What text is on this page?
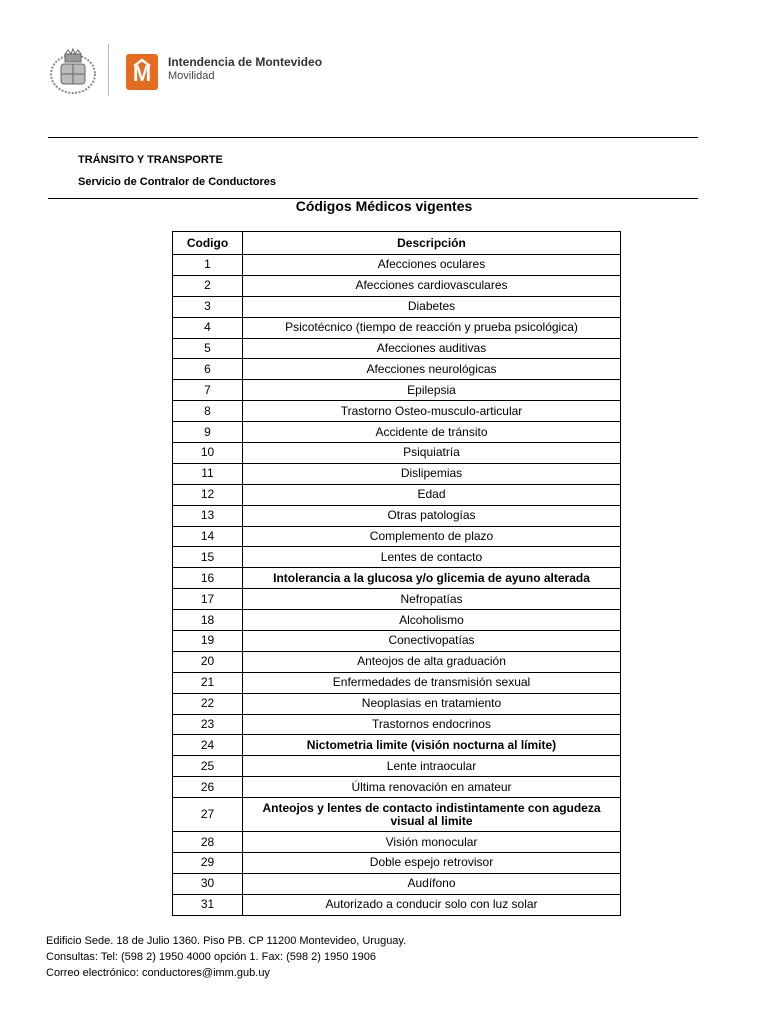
M	Intendencia de Montevideo
Movilidad
TRÁNSITO Y TRANSPORTE
Servicio de Contralor de Conductores
Códigos Médicos vigentes
Codigo	Descripción
1	Afecciones oculares
2	Afecciones cardiovasculares
3	Diabetes
4	Psicotécnico (tiempo de reacción y prueba psicológica)
5	Afecciones auditivas
6	Afecciones neurológicas
7	Epilepsia
8	Trastorno Osteo-musculo-articular
9	Accidente de tránsito
10	Psiquiatría
11	Dislipemias
12	Edad
13	Otras patologías
14	Complemento de plazo
15	Lentes de contacto
16	Intolerancia a la glucosa y/o glicemia de ayuno alterada
17	Nefropatías
18	Alcoholismo
19	Conectivopatías
20	Anteojos de alta graduación
21	Enfermedades de transmisión sexual
22	Neoplasias en tratamiento
23	Trastornos endocrinos
24	Nictometria limite (visión nocturna al límite)
25	Lente intraocular
26	Última renovación en amateur
27	Anteojos y lentes de contacto indistintamente con agudeza visual al limite
28	Visión monocular
29	Doble espejo retrovisor
30	Audífono
31	Autorizado a conducir solo con luz solar
Edificio Sede. 18 de Julio 1360. Piso PB. CP 11200 Montevideo, Uruguay.
Consultas: Tel: (598 2) 1950 4000 opción 1. Fax: (598 2) 1950 1906
Correo electrónico: conductores@imm.gub.uy
